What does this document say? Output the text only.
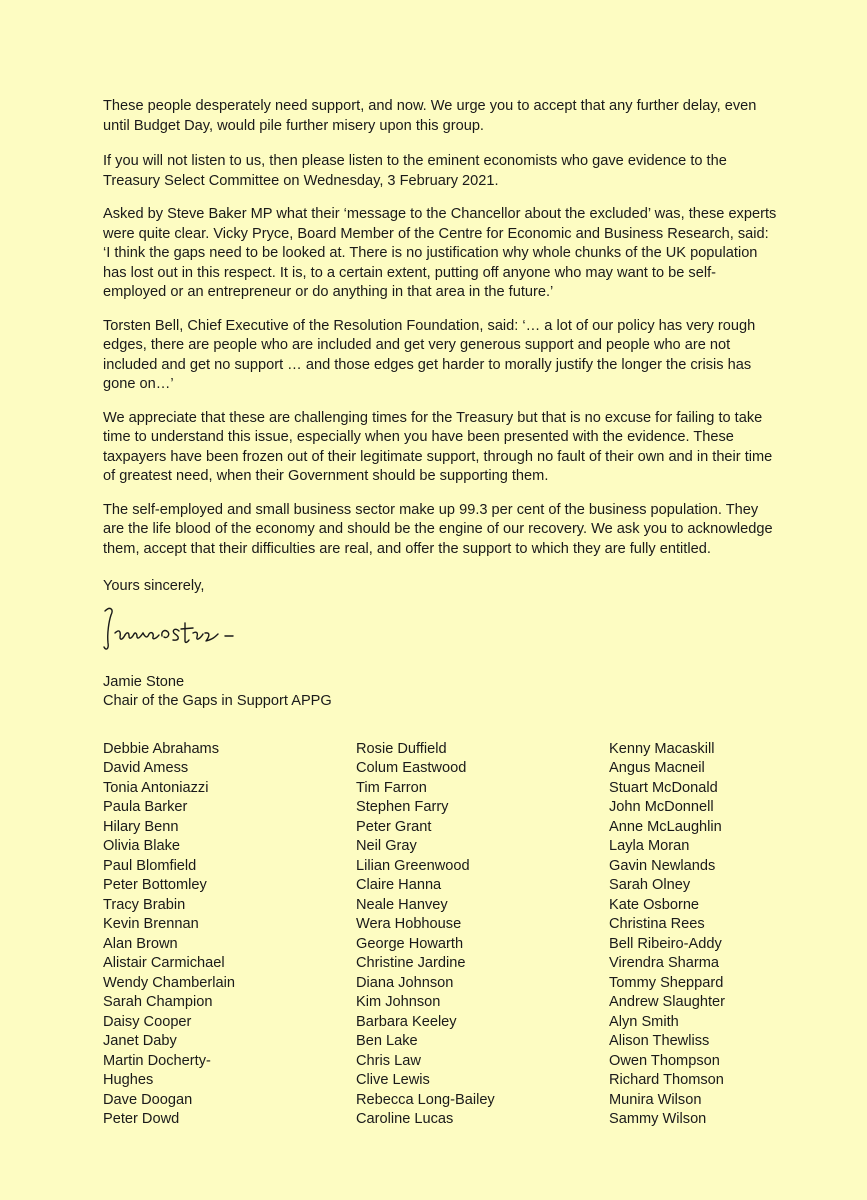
These people desperately need support, and now. We urge you to accept that any further delay, even until Budget Day, would pile further misery upon this group.

If you will not listen to us, then please listen to the eminent economists who gave evidence to the Treasury Select Committee on Wednesday, 3 February 2021.

Asked by Steve Baker MP what their ‘message to the Chancellor about the excluded’ was, these experts were quite clear. Vicky Pryce, Board Member of the Centre for Economic and Business Research, said: ‘I think the gaps need to be looked at. There is no justification why whole chunks of the UK population has lost out in this respect. It is, to a certain extent, putting off anyone who may want to be self-employed or an entrepreneur or do anything in that area in the future.’

Torsten Bell, Chief Executive of the Resolution Foundation, said: ‘… a lot of our policy has very rough edges, there are people who are included and get very generous support and people who are not included and get no support … and those edges get harder to morally justify the longer the crisis has gone on…’

We appreciate that these are challenging times for the Treasury but that is no excuse for failing to take time to understand this issue, especially when you have been presented with the evidence. These taxpayers have been frozen out of their legitimate support, through no fault of their own and in their time of greatest need, when their Government should be supporting them.

The self-employed and small business sector make up 99.3 per cent of the business population. They are the life blood of the economy and should be the engine of our recovery. We ask you to acknowledge them, accept that their difficulties are real, and offer the support to which they are fully entitled.

Yours sincerely,

Jamie Stone
Chair of the Gaps in Support APPG
Debbie Abrahams
David Amess
Tonia Antoniazzi
Paula Barker
Hilary Benn
Olivia Blake
Paul Blomfield
Peter Bottomley
Tracy Brabin
Kevin Brennan
Alan Brown
Alistair Carmichael
Wendy Chamberlain
Sarah Champion
Daisy Cooper
Janet Daby
Martin Docherty-
Hughes
Dave Doogan
Peter Dowd
Rosie Duffield
Colum Eastwood
Tim Farron
Stephen Farry
Peter Grant
Neil Gray
Lilian Greenwood
Claire Hanna
Neale Hanvey
Wera Hobhouse
George Howarth
Christine Jardine
Diana Johnson
Kim Johnson
Barbara Keeley
Ben Lake
Chris Law
Clive Lewis
Rebecca Long-Bailey
Caroline Lucas
Kenny Macaskill
Angus Macneil
Stuart McDonald
John McDonnell
Anne McLaughlin
Layla Moran
Gavin Newlands
Sarah Olney
Kate Osborne
Christina Rees
Bell Ribeiro-Addy
Virendra Sharma
Tommy Sheppard
Andrew Slaughter
Alyn Smith
Alison Thewliss
Owen Thompson
Richard Thomson
Munira Wilson
Sammy Wilson
